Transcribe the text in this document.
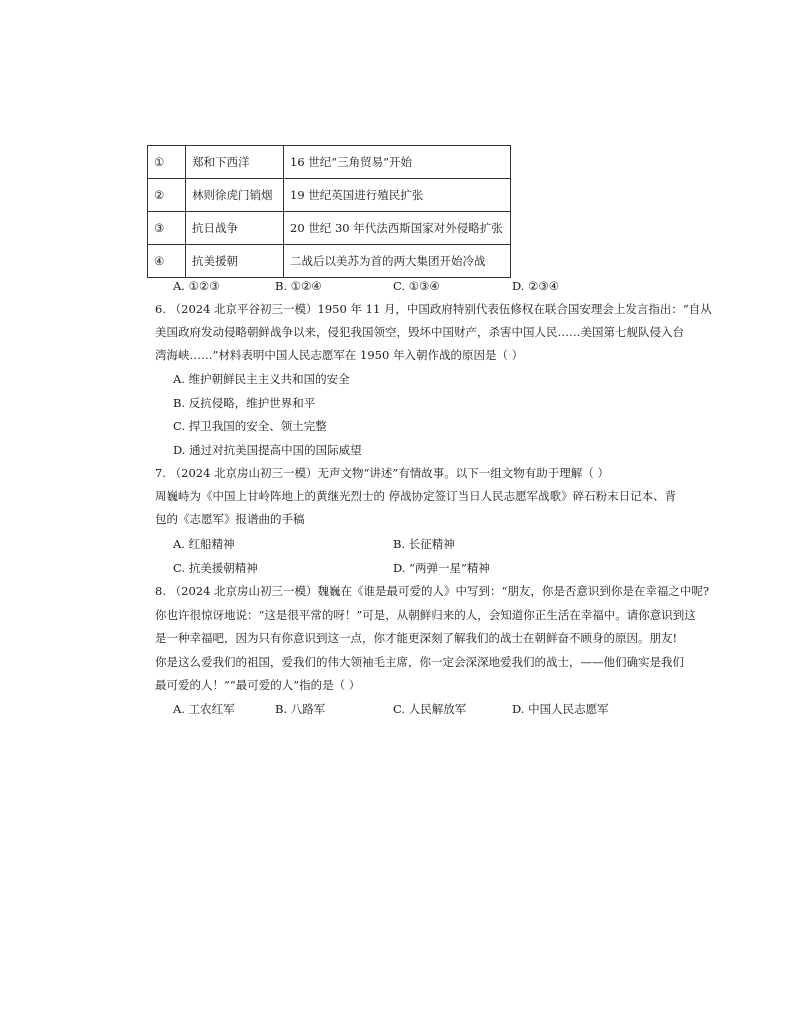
①	郑和下西洋	16 世纪“三角贸易”开始
②	林则徐虎门销烟	19 世纪英国进行殖民扩张
③	抗日战争	20 世纪 30 年代法西斯国家对外侵略扩张
④	抗美援朝	二战后以美苏为首的两大集团开始冷战
A. ①②③	B. ①②④	C. ①③④	D. ②③④
6. （2024 北京平谷初三一模）1950 年 11 月，中国政府特别代表伍修权在联合国安理会上发言指出：“自从
美国政府发动侵略朝鲜战争以来，侵犯我国领空，毁坏中国财产，杀害中国人民……美国第七舰队侵入台
湾海峡……”材料表明中国人民志愿军在 1950 年入朝作战的原因是（ ）
A. 维护朝鲜民主主义共和国的安全
B. 反抗侵略，维护世界和平
C. 捍卫我国的安全、领土完整
D. 通过对抗美国提高中国的国际威望
7. （2024 北京房山初三一模）无声文物“讲述”有情故事。以下一组文物有助于理解（ ）
周巍峙为《中国上甘岭阵地上的黄继光烈士的 停战协定签订当日人民志愿军战歌》碎石粉末日记本、背
包的《志愿军》报谱曲的手稿
A. 红船精神	B. 长征精神
C. 抗美援朝精神	D. “两弹一星”精神
8. （2024 北京房山初三一模）魏巍在《谁是最可爱的人》中写到：“朋友，你是否意识到你是在幸福之中呢?
你也许很惊讶地说：“这是很平常的呀！”可是，从朝鲜归来的人，会知道你正生活在幸福中。请你意识到这
是一种幸福吧，因为只有你意识到这一点，你才能更深刻了解我们的战士在朝鲜奋不顾身的原因。朋友!
你是这么爱我们的祖国，爱我们的伟大领袖毛主席，你一定会深深地爱我们的战士，——他们确实是我们
最可爱的人！”“最可爱的人”指的是（ ）
A. 工农红军	B. 八路军	C. 人民解放军	D. 中国人民志愿军
